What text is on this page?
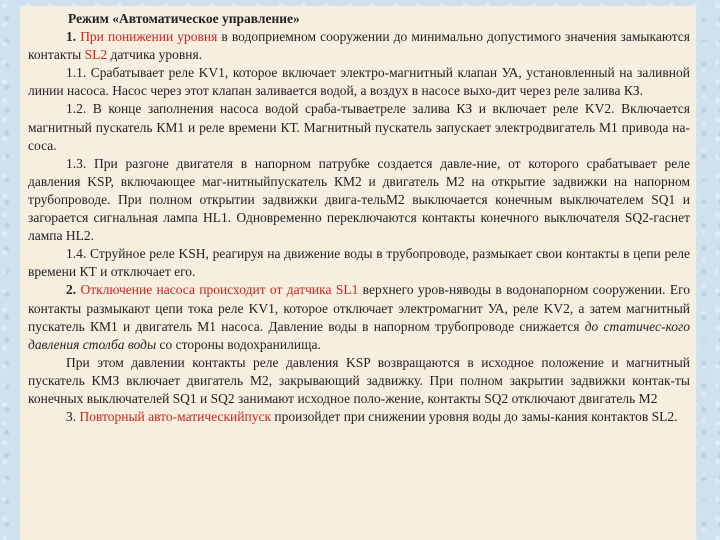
Режим «Автоматическое управление»

1. При понижении уровня в водоприемном сооружении до минимально допустимого значения замыкаются контакты SL2 датчика уровня.

1.1. Срабатывает реле KV1, которое включает электро-магнитный клапан УА, установленный на заливной линии насоса. Насос через этот клапан заливается водой, а воздух в насосе выхо-дит через реле залива КЗ.

1.2. В конце заполнения насоса водой сраба-тываетреле залива КЗ и включает реле KV2. Включается магнитный пускатель КМ1 и реле времени КТ. Магнитный пускатель запускает электродвигатель M1 привода на-соса.

1.3. При разгоне двигателя в напорном патрубке создается давле-ние, от которого срабатывает реле давления KSP, включающее маг-нитныйпускатель КМ2 и двигатель М2 на открытие задвижки на напорном трубопроводе. При полном открытии задвижки двига-тельМ2 выключается конечным выключателем SQ1 и загорается сигнальная лампа HL1. Одновременно переключаются контакты конечного выключателя SQ2-гаснет лампа HL2.

1.4. Струйное реле KSH, реагируя на движение воды в трубопроводе, размыкает свои контакты в цепи реле времени КТ и отключает его.

2. Отключение насоса происходит от датчика SL1 верхнего уров-няводы в водонапорном сооружении. Его контакты размыкают цепи тока реле KV1, которое отключает электромагнит УА, реле KV2, а затем магнитный пускатель КМ1 и двигатель М1 насоса. Давление воды в напорном трубопроводе снижается до статичес-кого давления столба воды со стороны водохранилища.

При этом давлении контакты реле давления KSP возвращаются в исходное положение и магнитный пускатель КМЗ включает двигатель М2, закрывающий задвижку. При полном закрытии задвижки контак-ты конечных выключателей SQ1 и SQ2 занимают исходное поло-жение, контакты SQ2 отключают двигатель М2

3. Повторный авто-матическийпуск произойдет при снижении уровня воды до замы-кания контактов SL2.
